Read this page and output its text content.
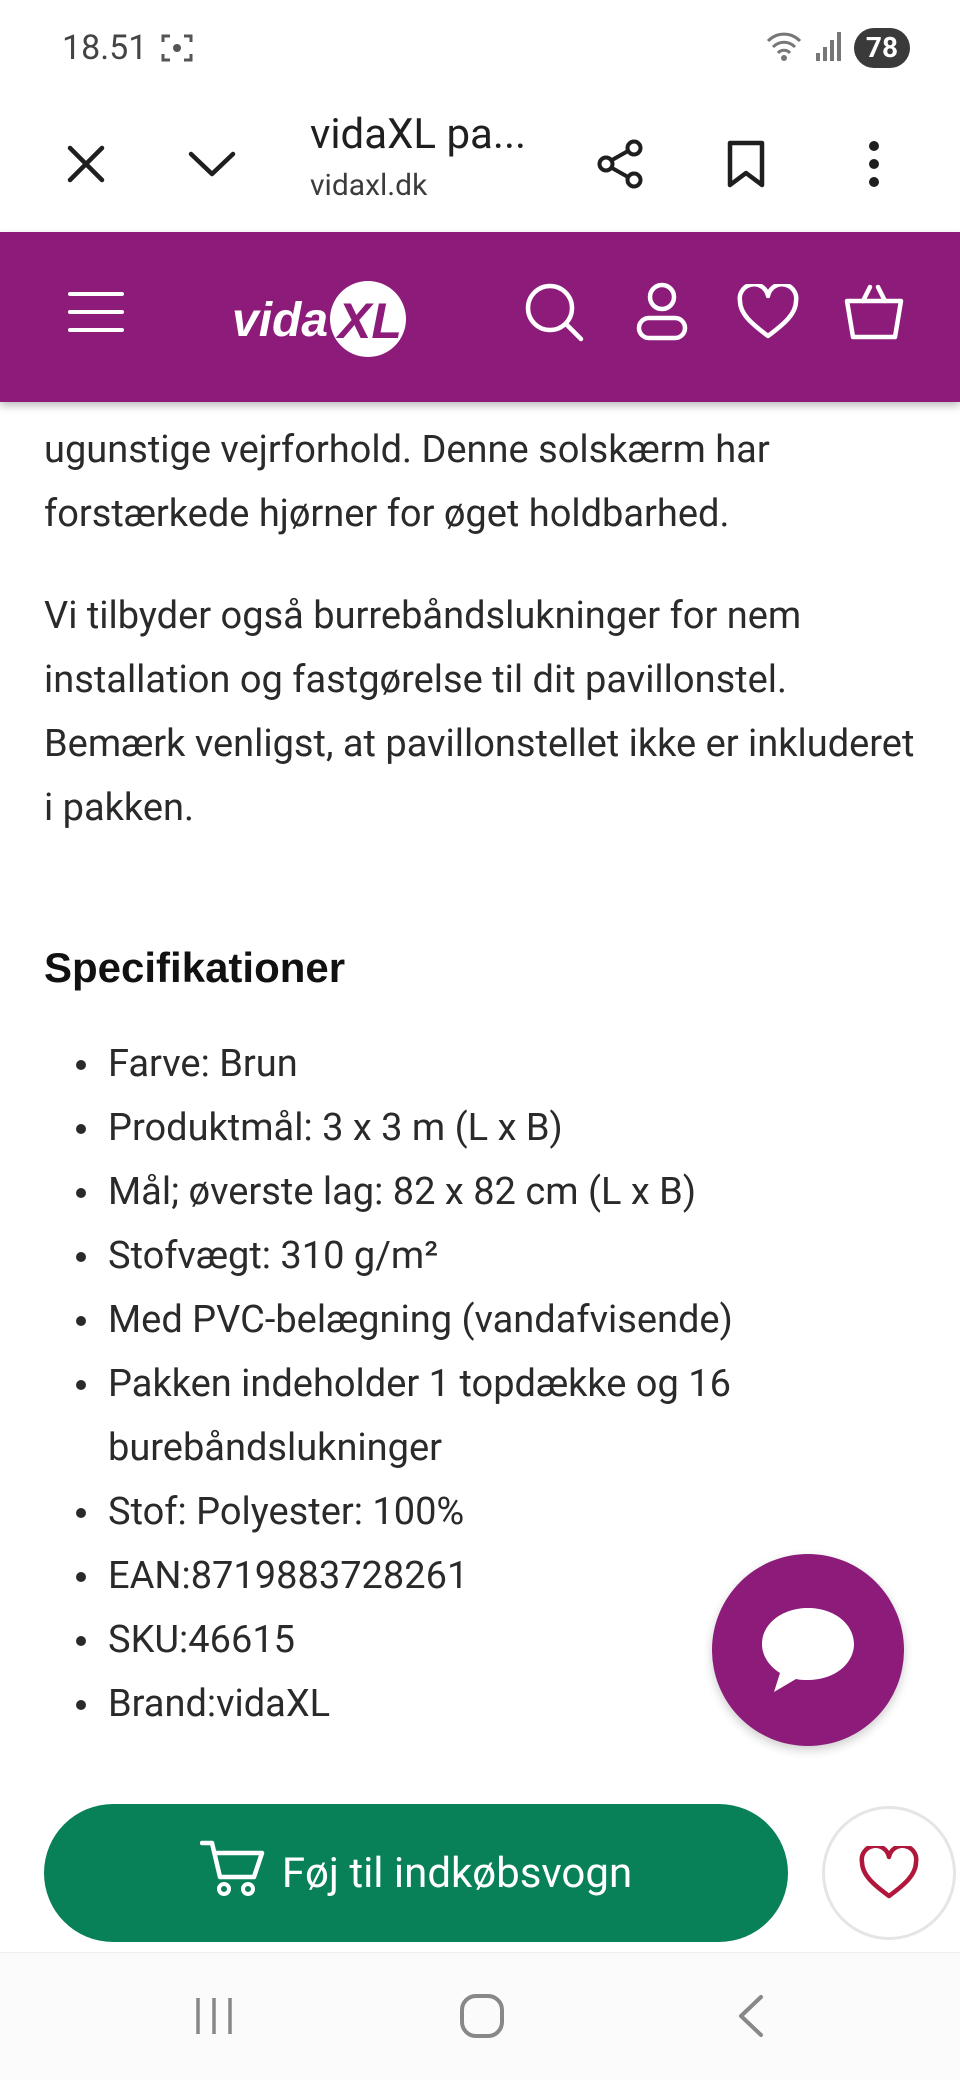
18.51	78
vidaXL pa...
vidaxl.dk
vida XL

ugunstige vejrforhold. Denne solskærm har forstærkede hjørner for øget holdbarhed.

Vi tilbyder også burrebåndslukninger for nem installation og fastgørelse til dit pavillonstel. Bemærk venligst, at pavillonstellet ikke er inkluderet i pakken.

Specifikationer
Farve: Brun
Produktmål: 3 x 3 m (L x B)
Mål; øverste lag: 82 x 82 cm (L x B)
Stofvægt: 310 g/m²
Med PVC-belægning (vandafvisende)
Pakken indeholder 1 topdække og 16 burebåndslukninger
Stof: Polyester: 100%
EAN:8719883728261
SKU:46615
Brand:vidaXL
Føj til indkøbsvogn
